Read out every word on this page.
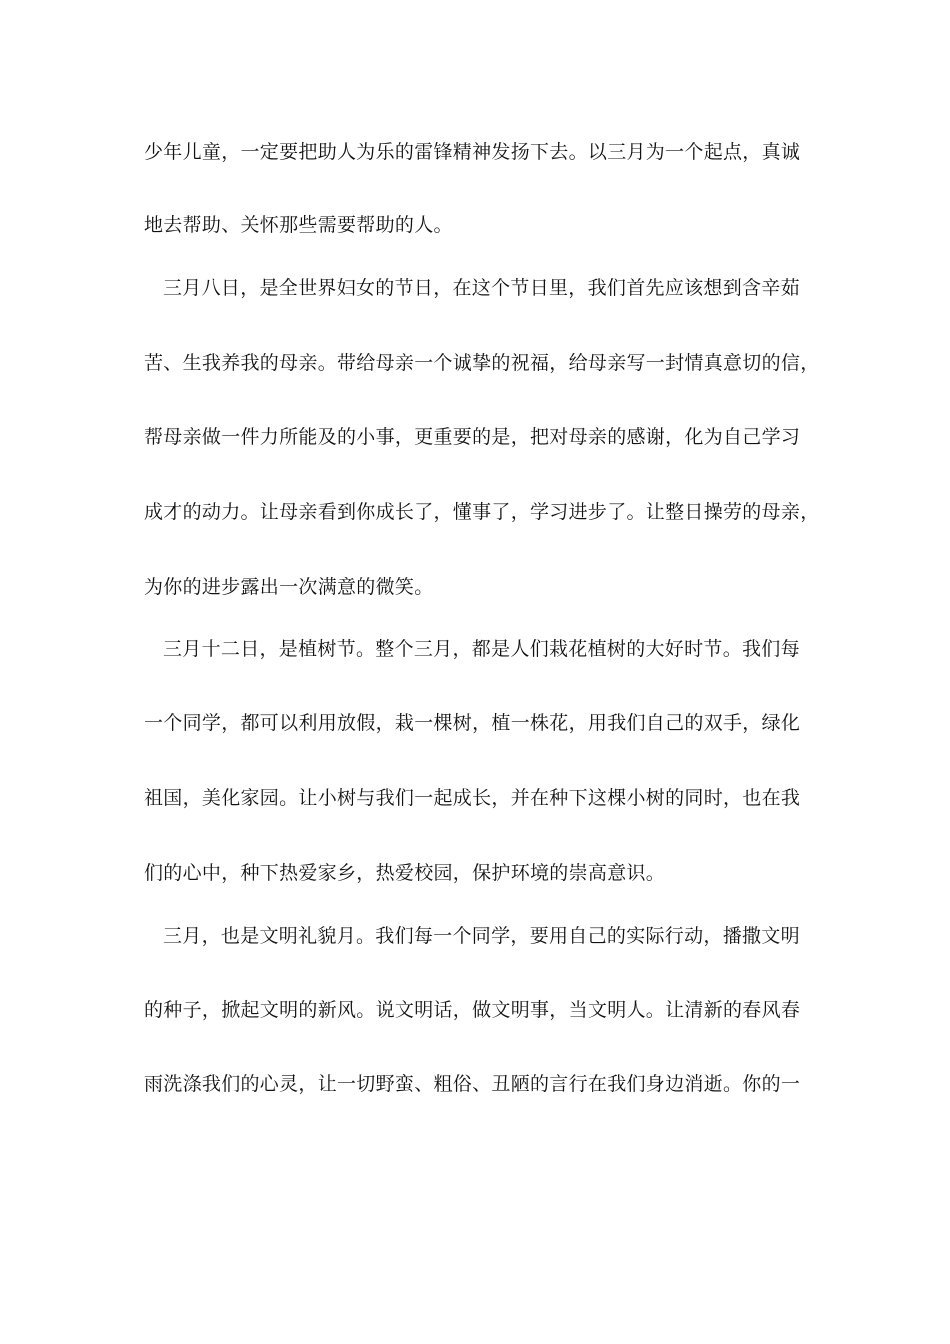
少年儿童，一定要把助人为乐的雷锋精神发扬下去。以三月为一个起点，真诚

地去帮助、关怀那些需要帮助的人。

三月八日，是全世界妇女的节日，在这个节日里，我们首先应该想到含辛茹

苦、生我养我的母亲。带给母亲一个诚挚的祝福，给母亲写一封情真意切的信，

帮母亲做一件力所能及的小事，更重要的是，把对母亲的感谢，化为自己学习

成才的动力。让母亲看到你成长了，懂事了，学习进步了。让整日操劳的母亲，

为你的进步露出一次满意的微笑。

三月十二日，是植树节。整个三月，都是人们栽花植树的大好时节。我们每

一个同学，都可以利用放假，栽一棵树，植一株花，用我们自己的双手，绿化

祖国，美化家园。让小树与我们一起成长，并在种下这棵小树的同时，也在我

们的心中，种下热爱家乡，热爱校园，保护环境的崇高意识。

三月，也是文明礼貌月。我们每一个同学，要用自己的实际行动，播撒文明

的种子，掀起文明的新风。说文明话，做文明事，当文明人。让清新的春风春

雨洗涤我们的心灵，让一切野蛮、粗俗、丑陋的言行在我们身边消逝。你的一
